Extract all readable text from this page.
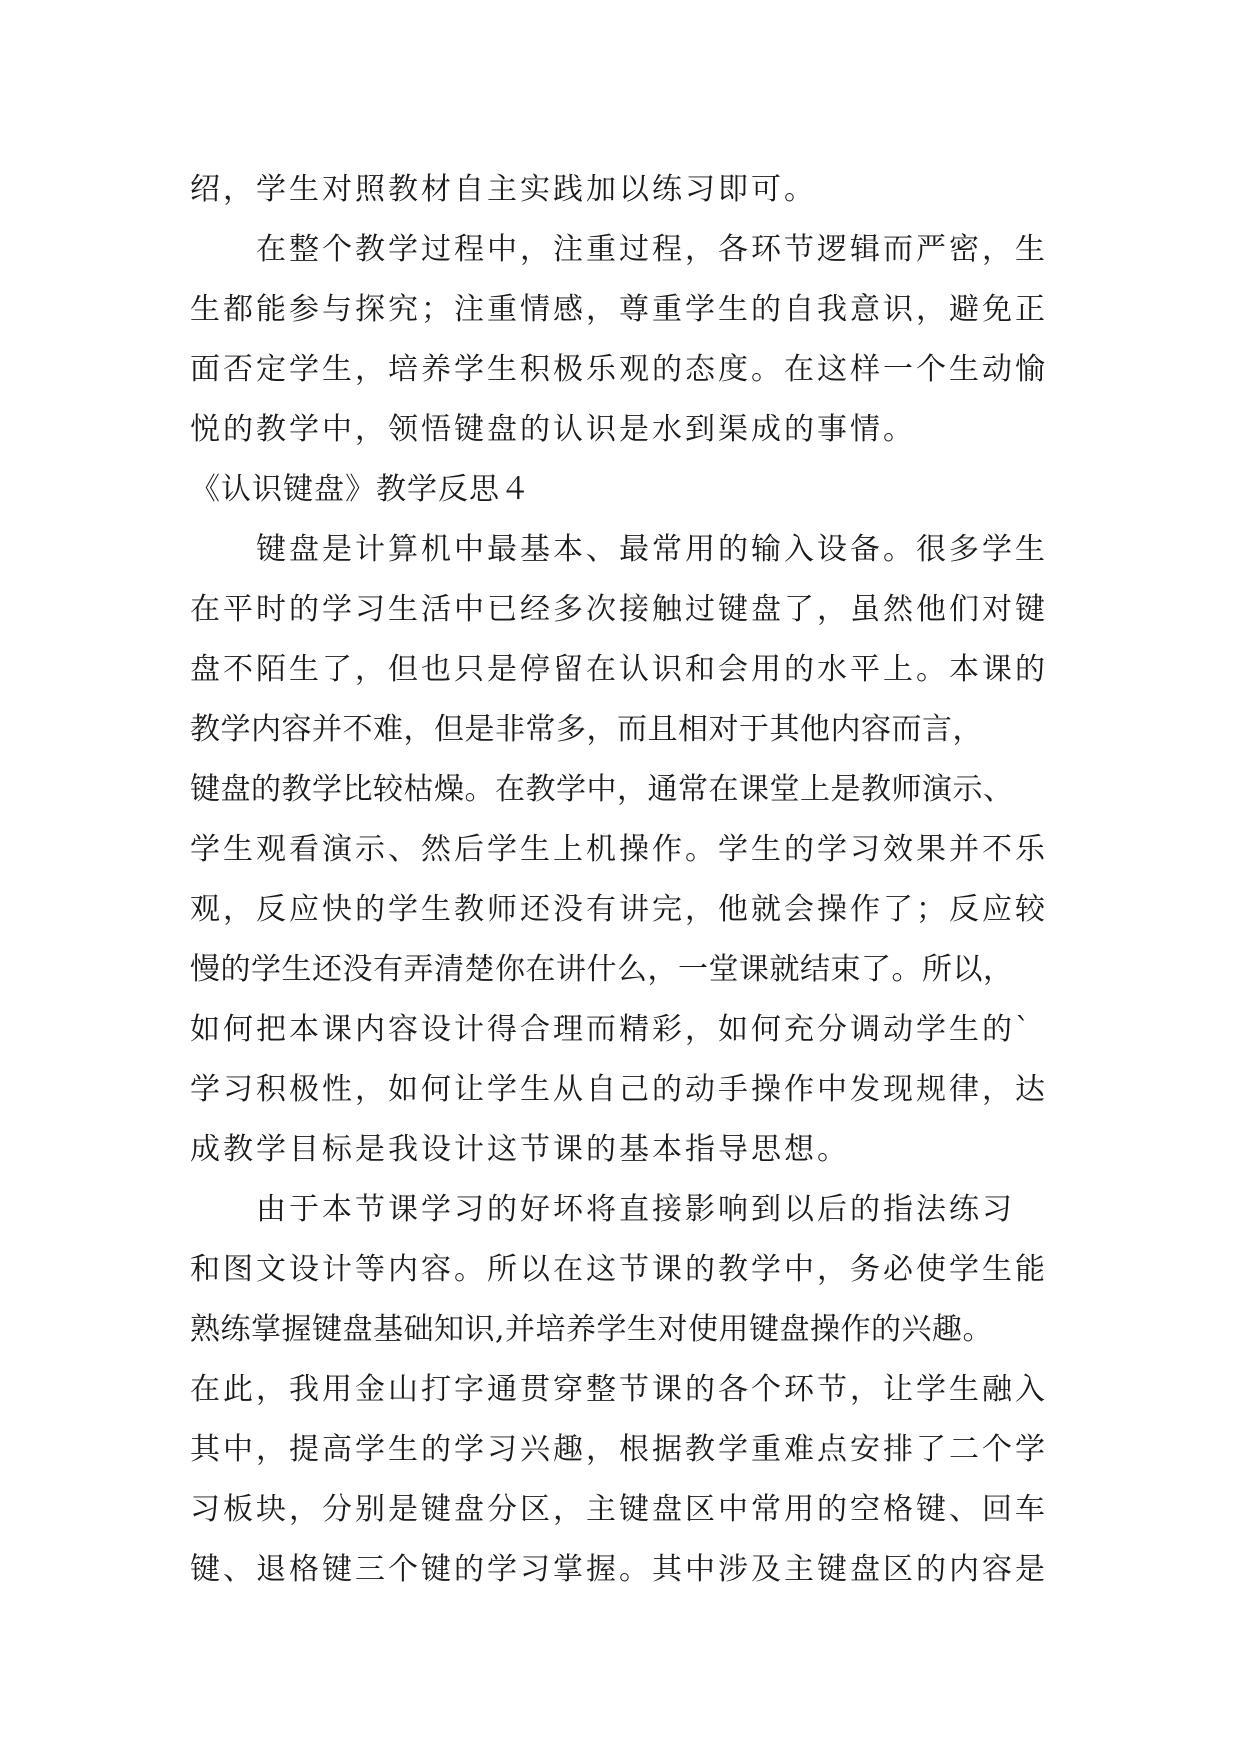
绍，学生对照教材自主实践加以练习即可。
在整个教学过程中，注重过程，各环节逻辑而严密，生
生都能参与探究；注重情感，尊重学生的自我意识，避免正
面否定学生，培养学生积极乐观的态度。在这样一个生动愉
悦的教学中，领悟键盘的认识是水到渠成的事情。
《认识键盘》教学反思４
键盘是计算机中最基本、最常用的输入设备。很多学生
在平时的学习生活中已经多次接触过键盘了，虽然他们对键
盘不陌生了，但也只是停留在认识和会用的水平上。本课的
教学内容并不难，但是非常多，而且相对于其他内容而言，
键盘的教学比较枯燥。在教学中，通常在课堂上是教师演示、
学生观看演示、然后学生上机操作。学生的学习效果并不乐
观，反应快的学生教师还没有讲完，他就会操作了；反应较
慢的学生还没有弄清楚你在讲什么，一堂课就结束了。所以，
如何把本课内容设计得合理而精彩，如何充分调动学生的`
学习积极性，如何让学生从自己的动手操作中发现规律，达
成教学目标是我设计这节课的基本指导思想。
由于本节课学习的好坏将直接影响到以后的指法练习
和图文设计等内容。所以在这节课的教学中，务必使学生能
熟练掌握键盘基础知识,并培养学生对使用键盘操作的兴趣。
在此，我用金山打字通贯穿整节课的各个环节，让学生融入
其中，提高学生的学习兴趣，根据教学重难点安排了二个学
习板块，分别是键盘分区，主键盘区中常用的空格键、回车
键、退格键三个键的学习掌握。其中涉及主键盘区的内容是
